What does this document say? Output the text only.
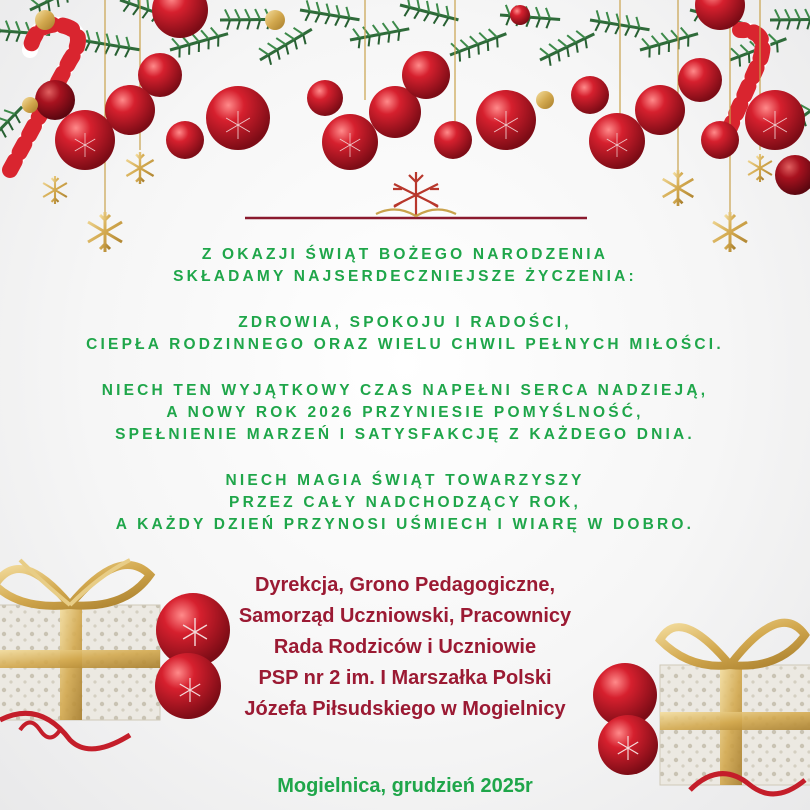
Z OKAZJI ŚWIĄT BOŻEGO NARODZENIA
SKŁADAMY NAJSERDECZNIEJSZE ŻYCZENIA:
ZDROWIA, SPOKOJU I RADOŚCI,
CIEPŁA RODZINNEGO ORAZ WIELU CHWIL PEŁNYCH MIŁOŚCI.
NIECH TEN WYJĄTKOWY CZAS NAPEŁNI SERCA NADZIEJĄ,
A NOWY ROK 2026 PRZYNIESIE POMYŚLNOŚĆ,
SPEŁNIENIE MARZEŃ I SATYSFAKCJĘ Z KAŻDEGO DNIA.
NIECH MAGIA ŚWIĄT TOWARZYSZY
PRZEZ CAŁY NADCHODZĄCY ROK,
A KAŻDY DZIEŃ PRZYNOSI UŚMIECH I WIARĘ W DOBRO.
Dyrekcja, Grono Pedagogiczne,
Samorząd Uczniowski, Pracownicy
Rada Rodziców i Uczniowie
PSP nr 2 im. I Marszałka Polski
Józefa Piłsudskiego w Mogielnicy
Mogielnica, grudzień 2025r
